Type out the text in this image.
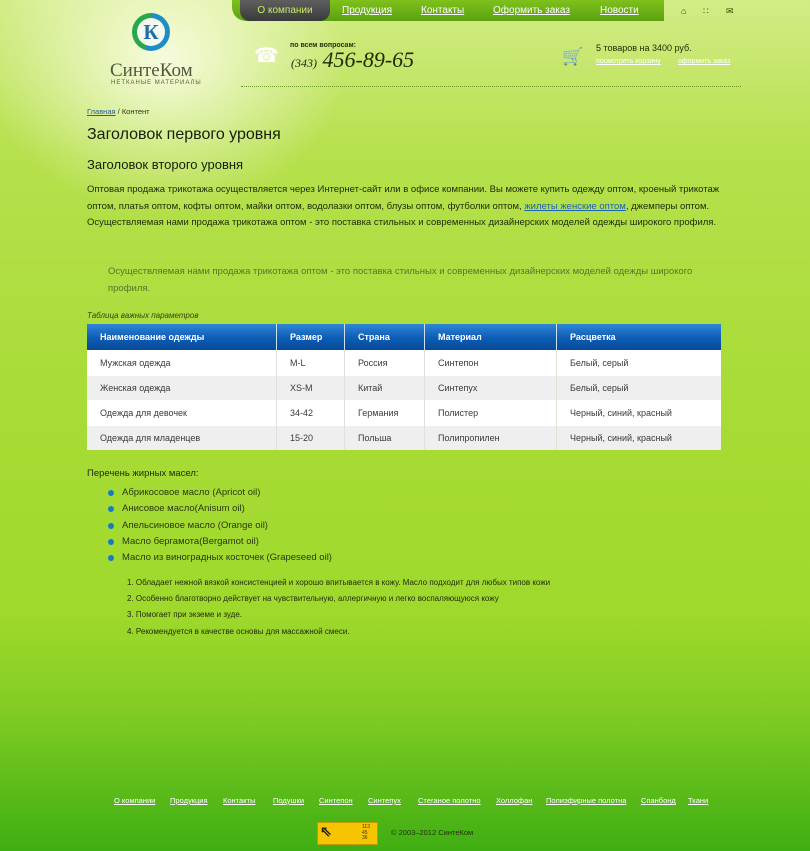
О компании	Продукция	Контакты	Оформить заказ	Новости	⌂ ∷ ✉
К
СинтеКом
НЕТКАНЫЕ МАТЕРИАЛЫ
☎ по всем вопросам:
(343) 456-89-65	🛒 5 товаров на 3400 руб.
посмотреть корзину оформить заказ
Главная / Контент
Заголовок первого уровня
Заголовок второго уровня
Оптовая продажа трикотажа осуществляется через Интернет-сайт или в офисе компании. Вы можете купить одежду оптом, кроеный трикотаж оптом, платья оптом, кофты оптом, майки оптом, водолазки оптом, блузы оптом, футболки оптом, жилеты женские оптом, джемперы оптом. Осуществляемая нами продажа трикотажа оптом - это поставка стильных и современных дизайнерских моделей одежды широкого профиля.
Осуществляемая нами продажа трикотажа оптом - это поставка стильных и современных дизайнерских моделей одежды широкого профиля.
Таблица важных параметров
Наименование одежды	Размер	Страна	Материал	Расцветка
Мужская одежда	M-L	Россия	Синтепон	Белый, серый
Женская одежда	XS-M	Китай	Синтепух	Белый, серый
Одежда для девочек	34-42	Германия	Полистер	Черный, синий, красный
Одежда для младенцев	15-20	Польша	Полипропилен	Черный, синий, красный
Перечень жирных масел:
Абрикосовое масло (Apricot oil)
Анисовое масло(Anisum oil)
Апельсиновое масло (Orange oil)
Масло бергамота(Bergamot oil)
Масло из виноградных косточек (Grapeseed oil)
1. Обладает нежной вязкой консистенцией и хорошо впитывается в кожу. Масло подходит для любых типов кожи
2. Особенно благотворно действует на чувствительную, аллергичную и легко воспаляющуюся кожу
3. Помогает при экземе и зуде.
4. Рекомендуется в качестве основы для массажной смеси.
О компании Продукция Контакты Подушки Синтепон Синтепух Стеганое полотно Холлофан Полиэфирные полотна Спанбонд Ткани
⇖	113
45
36
© 2003–2012 СинтеКом
